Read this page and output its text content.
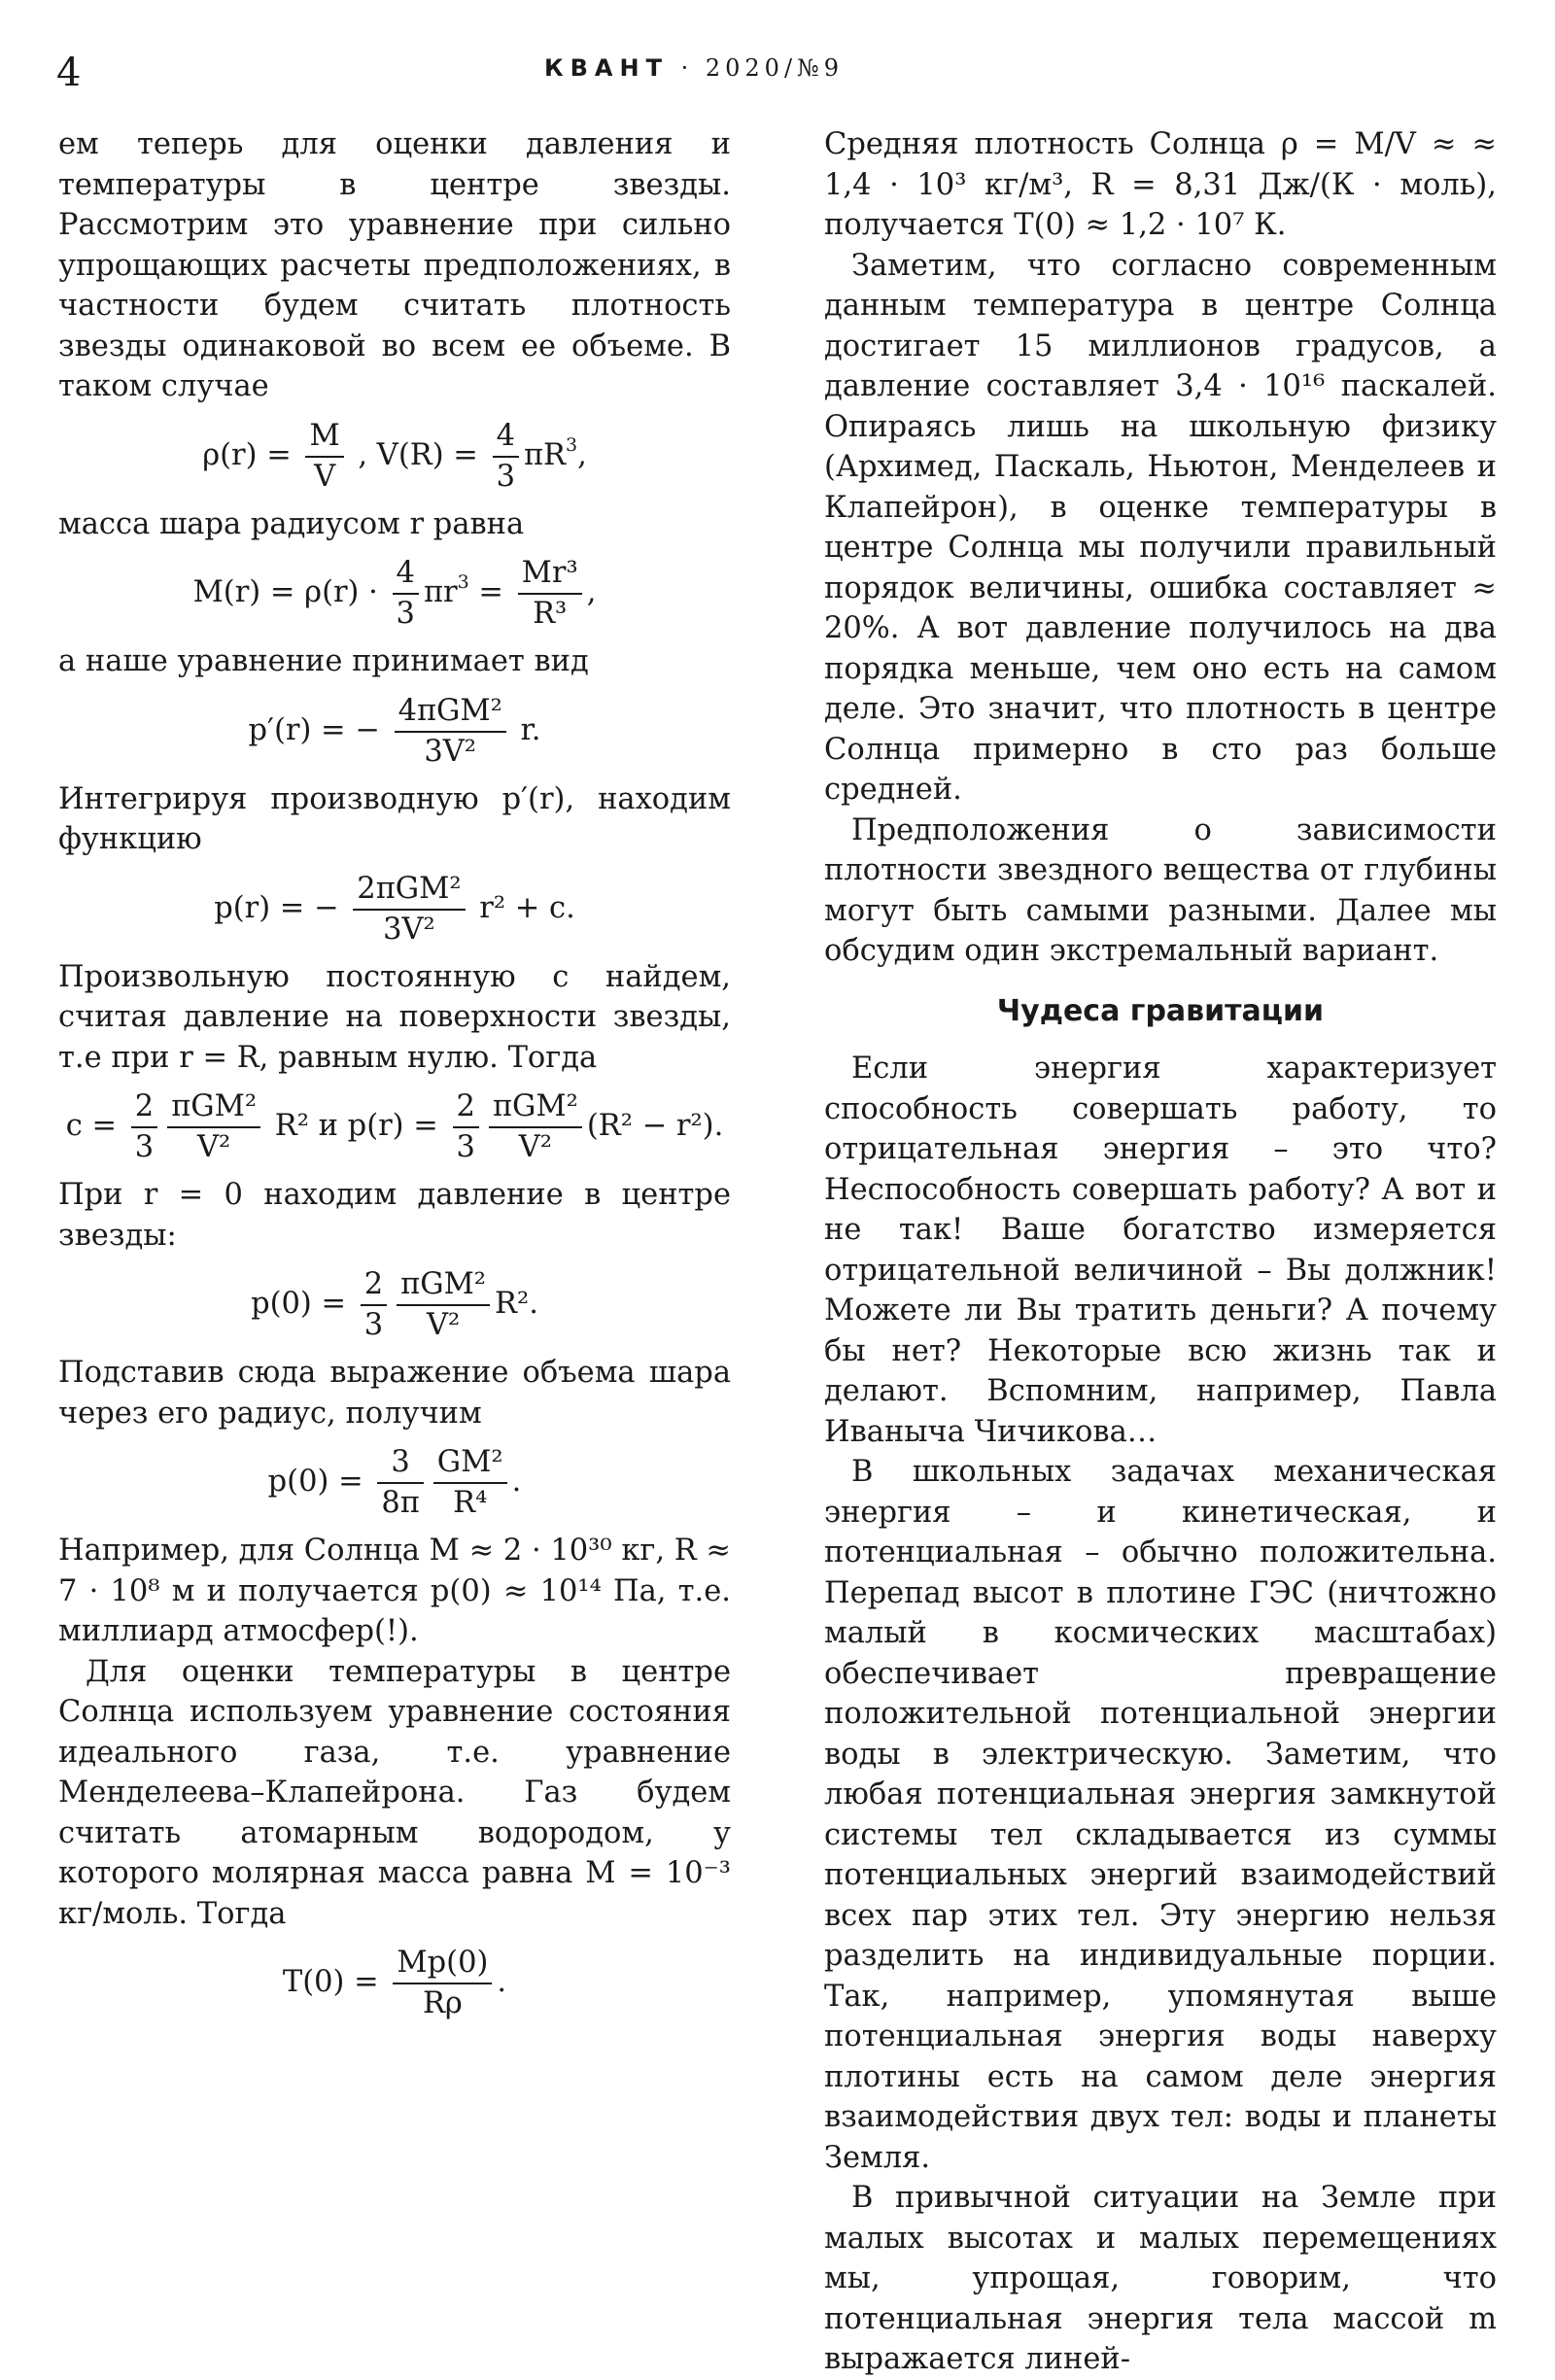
4	КВАНТ · 2020/№9

ем теперь для оценки давления и температуры в центре звезды. Рассмотрим это уравнение при сильно упрощающих расчеты предположениях, в частности будем считать плотность звезды одинаковой во всем ее объеме. В таком случае

$\rho(r) = \frac{M}{V}$ , $V(R) = \frac{4}{3} \pi R^3$,

масса шара радиусом r равна

$M(r) = \rho(r) \cdot \frac{4}{3} \pi r^3 = \frac{\text{Mr³}}{\text{R³}}$ ,

а наше уравнение принимает вид

p′(r) = − $\frac{\text{4πGM²}}{\text{3V²}} r$.

Интегрируя производную p′(r), находим функцию

p(r) = − $\frac{\text{2πGM²}}{\text{3V²}} r^2 + c$.

Произвольную постоянную c найдем, считая давление на поверхности звезды, т.е при r = R, равным нулю. Тогда

$c = \frac{2}{3} \frac{\text{πGM²}}{\text{V²}} R^2$ и $p(r) = \frac{2}{3} \frac{\text{πGM²}}{\text{V²}} (R^2 - r^2)$.

При r = 0 находим давление в центре звезды:

$p(0) = \frac{2}{3} \frac{\text{πGM²}}{\text{V²}} R^2$.

Подставив сюда выражение объема шара через его радиус, получим

$p(0) = \frac{3}{8\pi} \frac{\text{GM²}}{\text{R⁴}}$ .

Например, для Солнца M ≈ 2 · 10³⁰ кг, R ≈ 7 · 10⁸ м и получается p(0) ≈ 10¹⁴ Па, т.е. миллиард атмосфер(!).

Для оценки температуры в центре Солнца используем уравнение состояния идеального газа, т.е. уравнение Менделеева–Клапейрона. Газ будем считать атомарным водородом, у которого молярная масса равна M = 10⁻³ кг/моль. Тогда

$T(0) = \frac{Mp(0)}{R\rho}$ .

Средняя плотность Солнца ρ = M/V ≈ ≈ 1,4 · 10³ кг/м³, R = 8,31 Дж/(К · моль), получается T(0) ≈ 1,2 · 10⁷ К.

Заметим, что согласно современным данным температура в центре Солнца достигает 15 миллионов градусов, а давление составляет 3,4 · 10¹⁶ паскалей. Опираясь лишь на школьную физику (Архимед, Паскаль, Ньютон, Менделеев и Клапейрон), в оценке температуры в центре Солнца мы получили правильный порядок величины, ошибка составляет ≈ 20%. А вот давление получилось на два порядка меньше, чем оно есть на самом деле. Это значит, что плотность в центре Солнца примерно в сто раз больше средней.

Предположения о зависимости плотности звездного вещества от глубины могут быть самыми разными. Далее мы обсудим один экстремальный вариант.

Чудеса гравитации

Если энергия характеризует способность совершать работу, то отрицательная энергия – это что? Неспособность совершать работу? А вот и не так! Ваше богатство измеряется отрицательной величиной – Вы должник! Можете ли Вы тратить деньги? А почему бы нет? Некоторые всю жизнь так и делают. Вспомним, например, Павла Иваныча Чичикова…

В школьных задачах механическая энергия – и кинетическая, и потенциальная – обычно положительна. Перепад высот в плотине ГЭС (ничтожно малый в космических масштабах) обеспечивает превращение положительной потенциальной энергии воды в электрическую. Заметим, что любая потенциальная энергия замкнутой системы тел складывается из суммы потенциальных энергий взаимодействий всех пар этих тел. Эту энергию нельзя разделить на индивидуальные порции. Так, например, упомянутая выше потенциальная энергия воды наверху плотины есть на самом деле энергия взаимодействия двух тел: воды и планеты Земля.

В привычной ситуации на Земле при малых высотах и малых перемещениях мы, упрощая, говорим, что потенциальная энергия тела массой m выражается линей-
